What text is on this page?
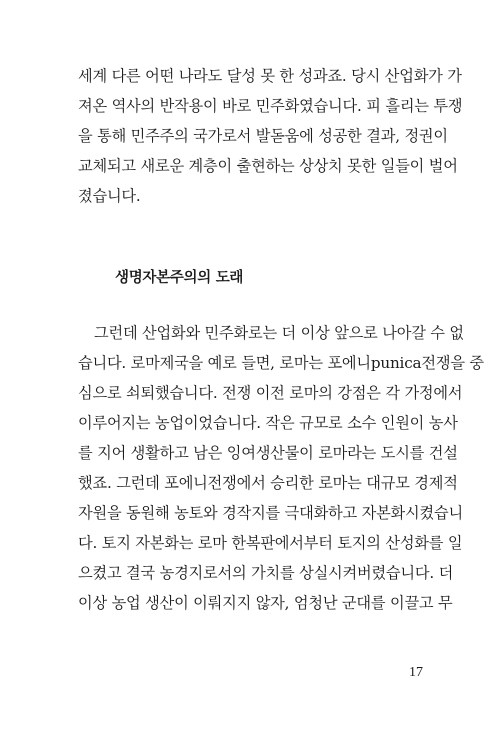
세계 다른 어떤 나라도 달성 못 한 성과죠. 당시 산업화가 가
져온 역사의 반작용이 바로 민주화였습니다. 피 흘리는 투쟁
을 통해 민주주의 국가로서 발돋움에 성공한 결과, 정권이
교체되고 새로운 계층이 출현하는 상상치 못한 일들이 벌어
졌습니다.
생명자본주의의 도래
그런데 산업화와 민주화로는 더 이상 앞으로 나아갈 수 없
습니다. 로마제국을 예로 들면, 로마는 포에니punica전쟁을 중
심으로 쇠퇴했습니다. 전쟁 이전 로마의 강점은 각 가정에서
이루어지는 농업이었습니다. 작은 규모로 소수 인원이 농사
를 지어 생활하고 남은 잉여생산물이 로마라는 도시를 건설
했죠. 그런데 포에니전쟁에서 승리한 로마는 대규모 경제적
자원을 동원해 농토와 경작지를 극대화하고 자본화시켰습니
다. 토지 자본화는 로마 한복판에서부터 토지의 산성화를 일
으켰고 결국 농경지로서의 가치를 상실시켜버렸습니다. 더
이상 농업 생산이 이뤄지지 않자, 엄청난 군대를 이끌고 무
17
